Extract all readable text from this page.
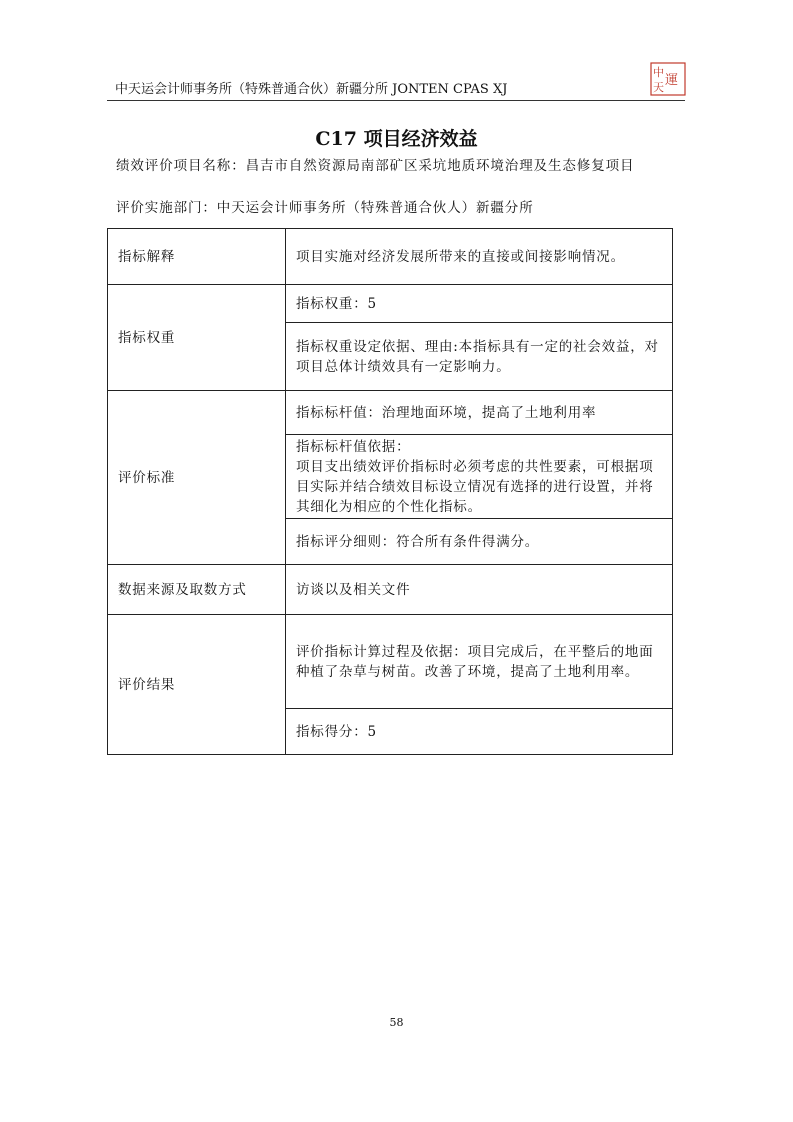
中天运会计师事务所（特殊普通合伙）新疆分所 JONTEN CPAS XJ
中
運
天
C17 项目经济效益
绩效评价项目名称：昌吉市自然资源局南部矿区采坑地质环境治理及生态修复项目
评价实施部门：中天运会计师事务所（特殊普通合伙人）新疆分所
指标解释	项目实施对经济发展所带来的直接或间接影响情况。
指标权重	指标权重：5
	指标权重设定依据、理由:本指标具有一定的社会效益，对项目总体计绩效具有一定影响力。
评价标准	指标标杆值：治理地面环境，提高了土地利用率

	指标标杆值依据：
项目支出绩效评价指标时必须考虑的共性要素，可根据项目实际并结合绩效目标设立情况有选择的进行设置，并将其细化为相应的个性化指标。

	指标评分细则：符合所有条件得满分。
数据来源及取数方式	访谈以及相关文件
评价结果	评价指标计算过程及依据：项目完成后，在平整后的地面种植了杂草与树苗。改善了环境，提高了土地利用率。
	指标得分：5
58
